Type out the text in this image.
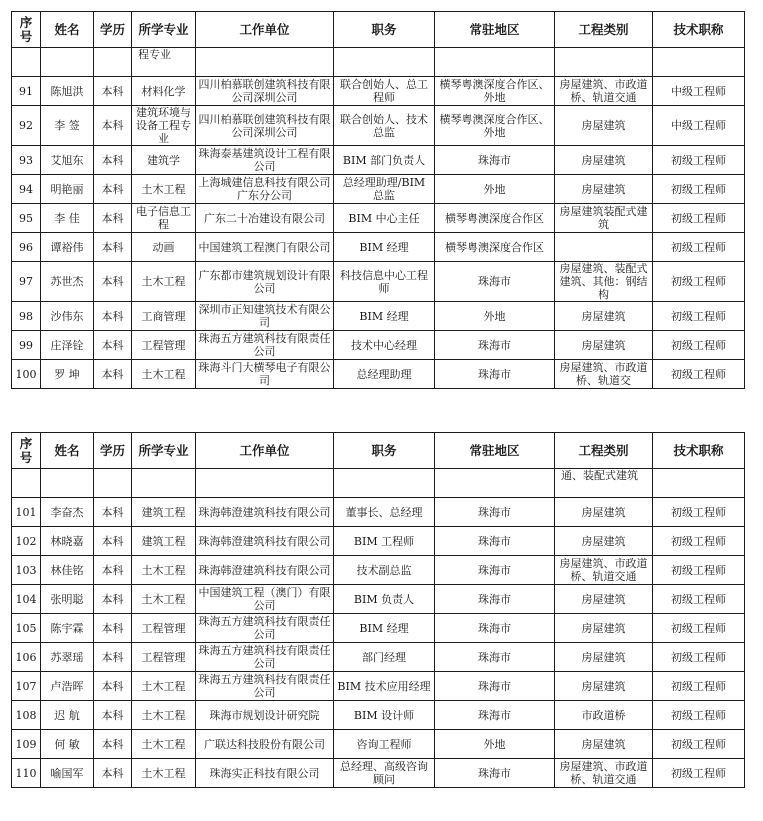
序号	姓名	学历	所学专业	工作单位	职务	常驻地区	工程类别	技术职称
			程专业					
91	陈旭洪	本科	材料化学	四川柏慕联创建筑科技有限公司深圳公司	联合创始人、总工程师	横琴粤澳深度合作区、外地	房屋建筑、市政道桥、轨道交通	中级工程师
92	李 签	本科	建筑环境与设备工程专业	四川柏慕联创建筑科技有限公司深圳公司	联合创始人、技术总监	横琴粤澳深度合作区、外地	房屋建筑	中级工程师
93	艾旭东	本科	建筑学	珠海泰基建筑设计工程有限公司	BIM 部门负责人	珠海市	房屋建筑	初级工程师
94	明艳丽	本科	土木工程	上海城建信息科技有限公司广东分公司	总经理助理/BIM 总监	外地	房屋建筑	初级工程师
95	李 佳	本科	电子信息工程	广东二十冶建设有限公司	BIM 中心主任	横琴粤澳深度合作区	房屋建筑装配式建筑	初级工程师
96	谭裕伟	本科	动画	中国建筑工程澳门有限公司	BIM 经理	横琴粤澳深度合作区		初级工程师
97	苏世杰	本科	土木工程	广东都市建筑规划设计有限公司	科技信息中心工程师	珠海市	房屋建筑、装配式建筑、其他：钢结构	初级工程师
98	沙伟东	本科	工商管理	深圳市正知建筑技术有限公司	BIM 经理	外地	房屋建筑	初级工程师
99	庄泽铨	本科	工程管理	珠海五方建筑科技有限责任公司	技术中心经理	珠海市	房屋建筑	初级工程师
100	罗 坤	本科	土木工程	珠海斗门大横琴电子有限公司	总经理助理	珠海市	房屋建筑、市政道桥、轨道交	初级工程师
序号	姓名	学历	所学专业	工作单位	职务	常驻地区	工程类别	技术职称
							通、装配式建筑	
101	李奋杰	本科	建筑工程	珠海韩澄建筑科技有限公司	董事长、总经理	珠海市	房屋建筑	初级工程师
102	林晓嘉	本科	建筑工程	珠海韩澄建筑科技有限公司	BIM 工程师	珠海市	房屋建筑	初级工程师
103	林佳铭	本科	土木工程	珠海韩澄建筑科技有限公司	技术副总监	珠海市	房屋建筑、市政道桥、轨道交通	初级工程师
104	张明聪	本科	土木工程	中国建筑工程（澳门）有限公司	BIM 负责人	珠海市	房屋建筑	初级工程师
105	陈宇霖	本科	工程管理	珠海五方建筑科技有限责任公司	BIM 经理	珠海市	房屋建筑	初级工程师
106	苏翠瑶	本科	工程管理	珠海五方建筑科技有限责任公司	部门经理	珠海市	房屋建筑	初级工程师
107	卢浩晖	本科	土木工程	珠海五方建筑科技有限责任公司	BIM 技术应用经理	珠海市	房屋建筑	初级工程师
108	迟 航	本科	土木工程	珠海市规划设计研究院	BIM 设计师	珠海市	市政道桥	初级工程师
109	何 敏	本科	土木工程	广联达科技股份有限公司	咨询工程师	外地	房屋建筑	初级工程师
110	喻国军	本科	土木工程	珠海实正科技有限公司	总经理、高级咨询顾问	珠海市	房屋建筑、市政道桥、轨道交通	初级工程师
